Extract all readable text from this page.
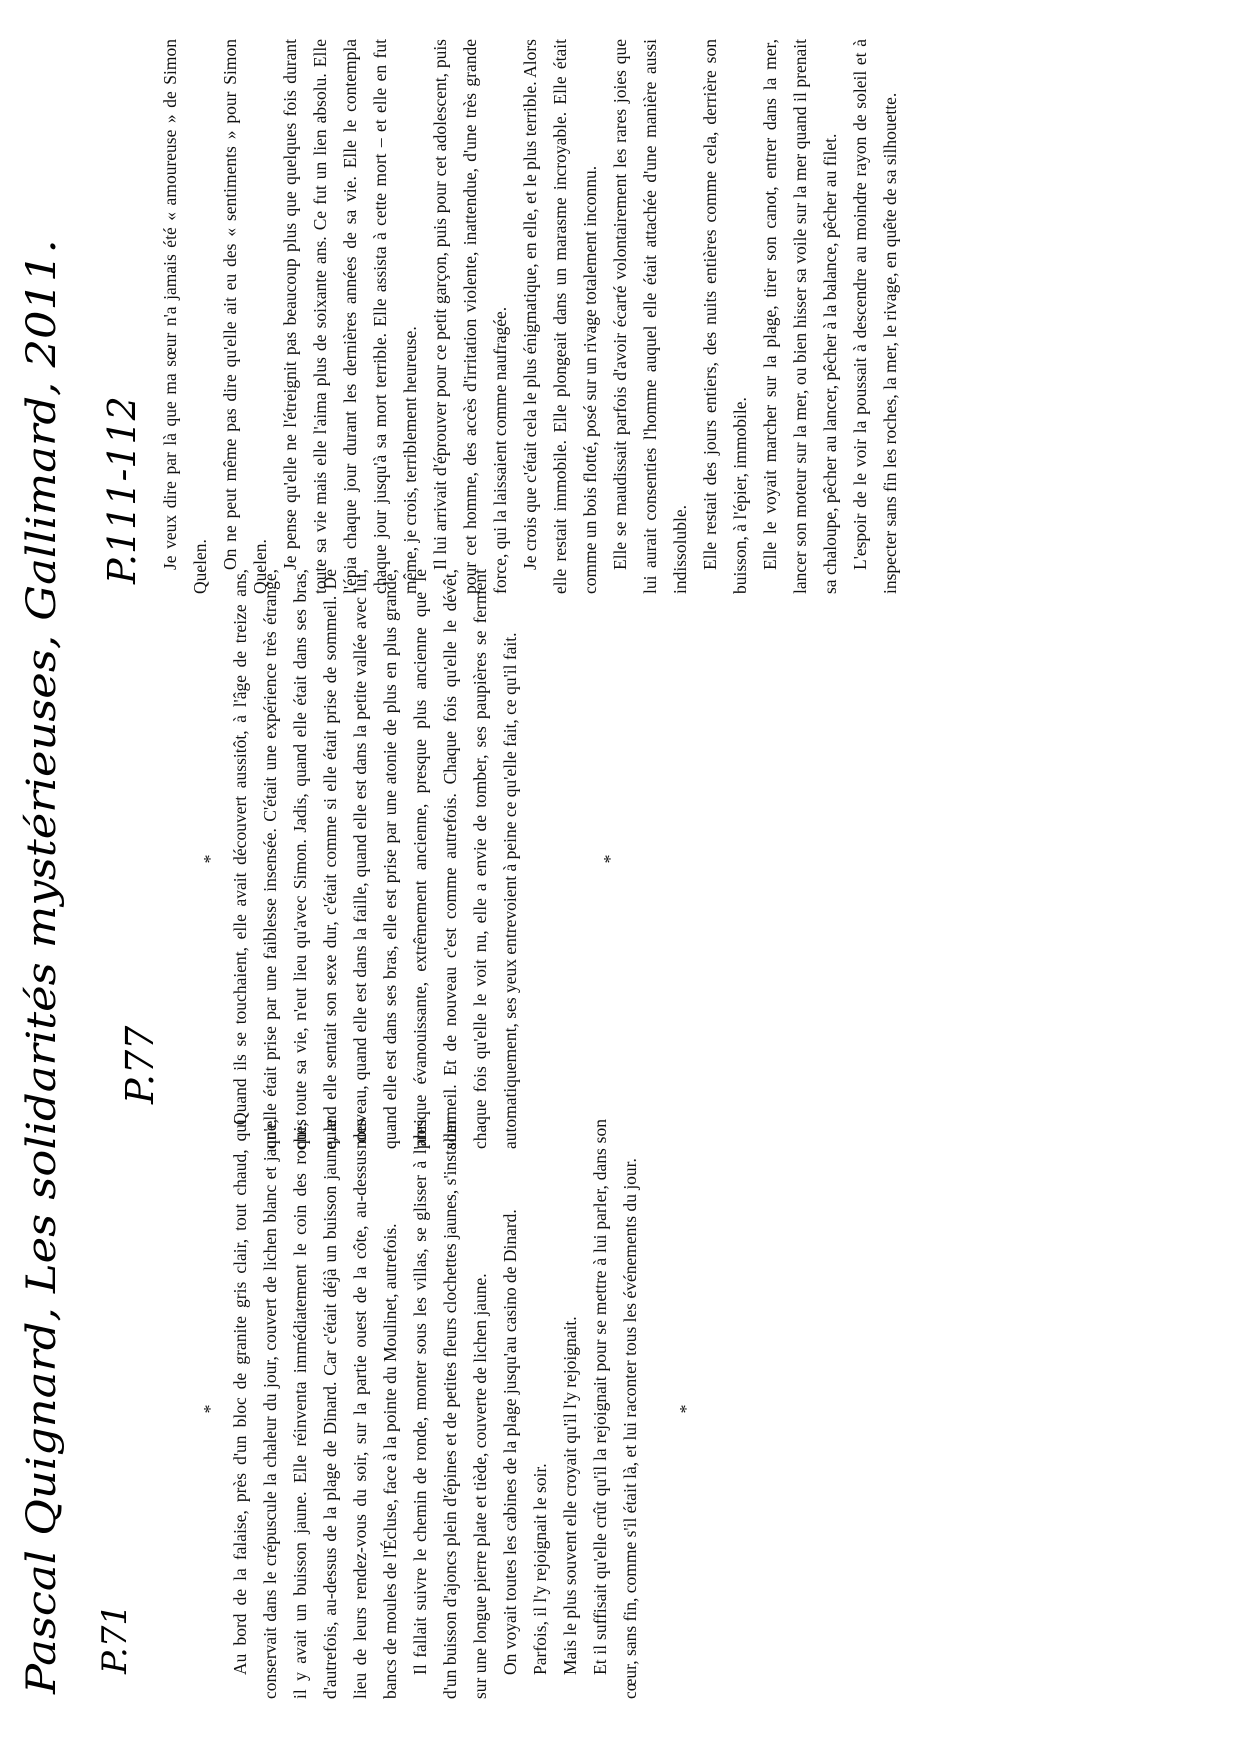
Pascal Quignard, Les solidarités mystérieuses, Gallimard, 2011. P.71
P.77
P.111-112

* Au bord de la falaise, près d'un bloc de granite gris clair, tout chaud, qui conservait dans le crépuscule la chaleur du jour, couvert de lichen blanc et jaune, il y avait un buisson jaune. Elle réinventa immédiatement le coin des roches d'autrefois, au-dessus de la plage de Dinard. Car c'était déjà un buisson jaune, le lieu de leurs rendez-vous du soir, sur la partie ouest de la côte, au-dessus des bancs de moules de l'Écluse, face à la pointe du Moulinet, autrefois. Il fallait suivre le chemin de ronde, monter sous les villas, se glisser à l'abri d'un buisson d'ajoncs plein d'épines et de petites fleurs clochettes jaunes, s'installer sur une longue pierre plate et tiède, couverte de lichen jaune. On voyait toutes les cabines de la plage jusqu'au casino de Dinard. Parfois, il l'y rejoignait le soir. Mais le plus souvent elle croyait qu'il l'y rejoignait. Et il suffisait qu'elle crût qu'il la rejoignait pour se mettre à lui parler, dans son cœur, sans fin, comme s'il était là, et lui raconter tous les événements du jour. *

* Quand ils se touchaient, elle avait découvert aussitôt, à l'âge de treize ans, qu'elle était prise par une faiblesse insensée. C'était une expérience très étrange, qui, toute sa vie, n'eut lieu qu'avec Simon. Jadis, quand elle était dans ses bras, quand elle sentait son sexe dur, c'était comme si elle était prise de sommeil. De nouveau, quand elle est dans la faille, quand elle est dans la petite vallée avec lui, quand elle est dans ses bras, elle est prise par une atonie de plus en plus grande, presque évanouissante, extrêmement ancienne, presque plus ancienne que le sommeil. Et de nouveau c'est comme autrefois. Chaque fois qu'elle le dévêt, chaque fois qu'elle le voit nu, elle a envie de tomber, ses paupières se ferment automatiquement, ses yeux entrevoient à peine ce qu'elle fait, ce qu'il fait.	*

Je veux dire par là que ma sœur n'a jamais été « amoureuse » de Simon Quelen. On ne peut même pas dire qu'elle ait eu des « sentiments » pour Simon Quelen. Je pense qu'elle ne l'étreignit pas beaucoup plus que quelques fois durant toute sa vie mais elle l'aima plus de soixante ans. Ce fut un lien absolu. Elle l'épia chaque jour durant les dernières années de sa vie. Elle le contempla chaque jour jusqu'à sa mort terrible. Elle assista à cette mort – et elle en fut même, je crois, terriblement heureuse. Il lui arrivait d'éprouver pour ce petit garçon, puis pour cet adolescent, puis pour cet homme, des accès d'irritation violente, inattendue, d'une très grande force, qui la laissaient comme naufragée. Je crois que c'était cela le plus énigmatique, en elle, et le plus terrible. Alors elle restait immobile. Elle plongeait dans un marasme incroyable. Elle était comme un bois flotté, posé sur un rivage totalement inconnu. Elle se maudissait parfois d'avoir écarté volontairement les rares joies que lui aurait consenties l'homme auquel elle était attachée d'une manière aussi indissoluble. Elle restait des jours entiers, des nuits entières comme cela, derrière son buisson, à l'épier, immobile. Elle le voyait marcher sur la plage, tirer son canot, entrer dans la mer, lancer son moteur sur la mer, ou bien hisser sa voile sur la mer quand il prenait sa chaloupe, pêcher au lancer, pêcher à la balance, pêcher au filet. L'espoir de le voir la poussait à descendre au moindre rayon de soleil et à inspecter sans fin les roches, la mer, le rivage, en quête de sa silhouette.
